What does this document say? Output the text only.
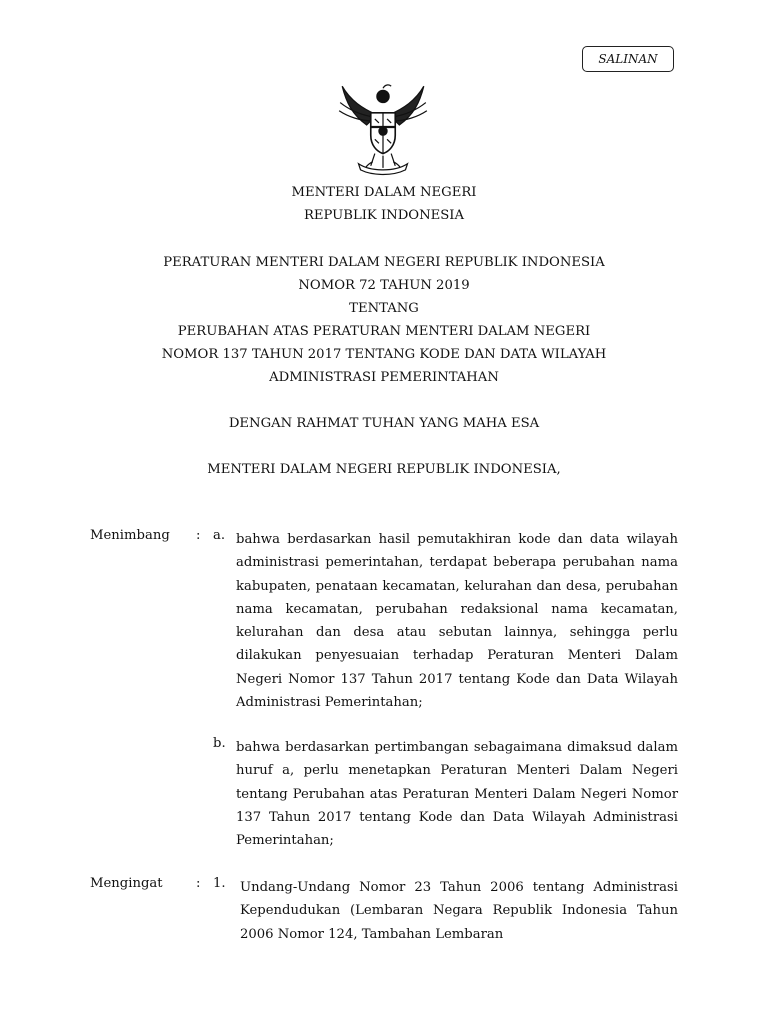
SALINAN
MENTERI DALAM NEGERI
REPUBLIK INDONESIA
PERATURAN MENTERI DALAM NEGERI REPUBLIK INDONESIA
NOMOR 72 TAHUN 2019
TENTANG
PERUBAHAN ATAS PERATURAN MENTERI DALAM NEGERI
NOMOR 137 TAHUN 2017 TENTANG KODE DAN DATA WILAYAH
ADMINISTRASI PEMERINTAHAN
DENGAN RAHMAT TUHAN YANG MAHA ESA
MENTERI DALAM NEGERI REPUBLIK INDONESIA,
Menimbang : a. bahwa berdasarkan hasil pemutakhiran kode dan data wilayah administrasi pemerintahan, terdapat beberapa perubahan nama kabupaten, penataan kecamatan, kelurahan dan desa, perubahan nama kecamatan, perubahan redaksional nama kecamatan, kelurahan dan desa atau sebutan lainnya, sehingga perlu dilakukan penyesuaian terhadap Peraturan Menteri Dalam Negeri Nomor 137 Tahun 2017 tentang Kode dan Data Wilayah Administrasi Pemerintahan;

b. bahwa berdasarkan pertimbangan sebagaimana dimaksud dalam huruf a, perlu menetapkan Peraturan Menteri Dalam Negeri tentang Perubahan atas Peraturan Menteri Dalam Negeri Nomor 137 Tahun 2017 tentang Kode dan Data Wilayah Administrasi Pemerintahan;

Mengingat	: 1. Undang-Undang Nomor 23 Tahun 2006 tentang Administrasi Kependudukan (Lembaran Negara Republik Indonesia Tahun 2006 Nomor 124, Tambahan Lembaran
